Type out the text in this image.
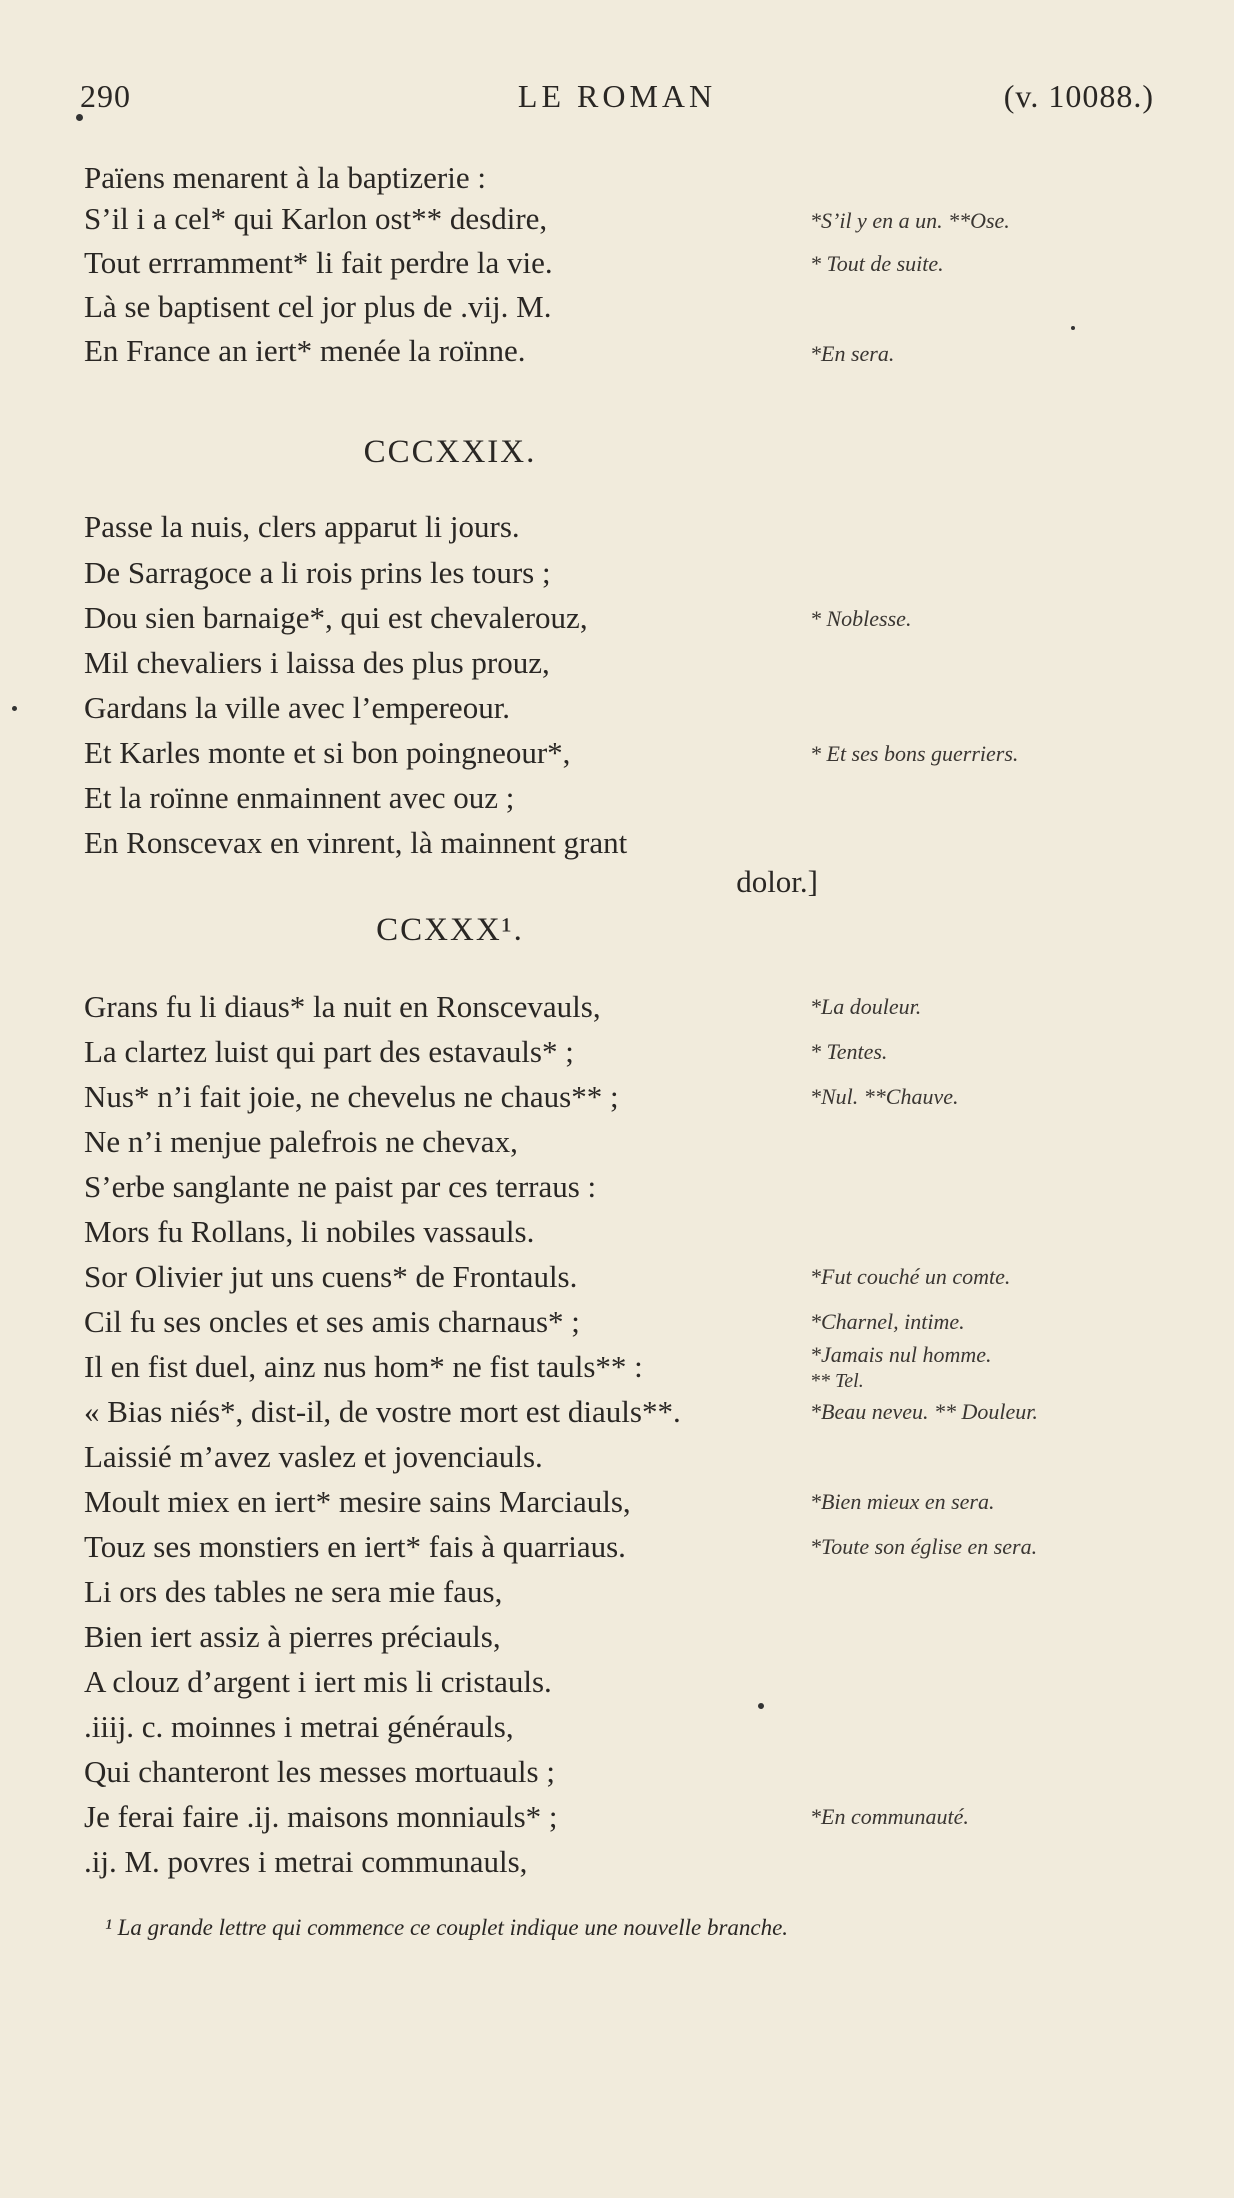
290	LE ROMAN	(v. 10088.)
Païens menarent à la baptizerie :
S’il i a cel* qui Karlon ost** desdire,
Tout errramment* li fait perdre la vie.
Là se baptisent cel jor plus de .vij. M.
En France an iert* menée la roïnne.
*S’il y en a un. **Ose.
* Tout de suite.
*En sera.
CCCXXIX.
Passe la nuis, clers apparut li jours.
De Sarragoce a li rois prins les tours ;
Dou sien barnaige*, qui est chevalerouz,
Mil chevaliers i laissa des plus prouz,
Gardans la ville avec l’empereour.
Et Karles monte et si bon poingneour*,
Et la roïnne enmainnent avec ouz ;
En Ronscevax en vinrent, là mainnent grant
dolor.]
* Noblesse.
* Et ses bons guerriers.
CCXXX¹.
Grans fu li diaus* la nuit en Ronscevauls,
La clartez luist qui part des estavauls* ;
Nus* n’i fait joie, ne chevelus ne chaus** ;
Ne n’i menjue palefrois ne chevax,
S’erbe sanglante ne paist par ces terraus :
Mors fu Rollans, li nobiles vassauls.
Sor Olivier jut uns cuens* de Frontauls.
Cil fu ses oncles et ses amis charnaus* ;
Il en fist duel, ainz nus hom* ne fist tauls** :
« Bias niés*, dist-il, de vostre mort est diauls**.
Laissié m’avez vaslez et jovenciauls.
Moult miex en iert* mesire sains Marciauls,
Touz ses monstiers en iert* fais à quarriaus.
Li ors des tables ne sera mie faus,
Bien iert assiz à pierres préciauls,
A clouz d’argent i iert mis li cristauls.
.iiij. c. moinnes i metrai générauls,
Qui chanteront les messes mortuauls ;
Je ferai faire .ij. maisons monniauls* ;
.ij. M. povres i metrai communauls,
*La douleur.
* Tentes.
*Nul. **Chauve.
*Fut couché un comte.
*Charnel, intime.
*Jamais nul homme.
** Tel.
*Beau neveu. ** Douleur.
*Bien mieux en sera.
*Toute son église en sera.
*En communauté.
¹ La grande lettre qui commence ce couplet indique une nouvelle branche.
